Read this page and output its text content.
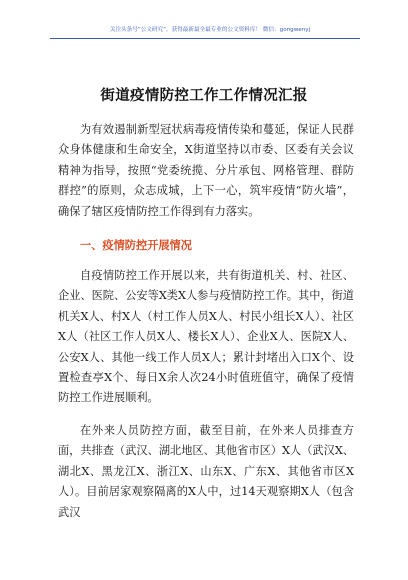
关注头条号“公文研究”，获得最新最全最专业的公文资料库！ 微信：gongwenyj
街道疫情防控工作工作情况汇报

为有效遏制新型冠状病毒疫情传染和蔓延，保证人民群众身体健康和生命安全，X街道坚持以市委、区委有关会议精神为指导，按照“党委统揽、分片承包、网格管理、群防群控”的原则，众志成城，上下一心，筑牢疫情“防火墙”，确保了辖区疫情防控工作得到有力落实。

一、疫情防控开展情况

自疫情防控工作开展以来，共有街道机关、村、社区、企业、医院、公安等X类X人参与疫情防控工作。其中，街道机关X人、村X人（村工作人员X人、村民小组长X人）、社区X人（社区工作人员X人、楼长X人）、企业X人、医院X人、公安X人、其他一线工作人员X人；累计封堵出入口X个、设置检查亭X个、每日X余人次24小时值班值守，确保了疫情防控工作进展顺利。

在外来人员防控方面，截至目前，在外来人员排查方面，共排查（武汉、湖北地区、其他省市区）X人（武汉X、湖北X、黑龙江X、浙江X、山东X、广东X、其他省市区X人）。目前居家观察隔离的X人中，过14天观察期X人（包含武汉
